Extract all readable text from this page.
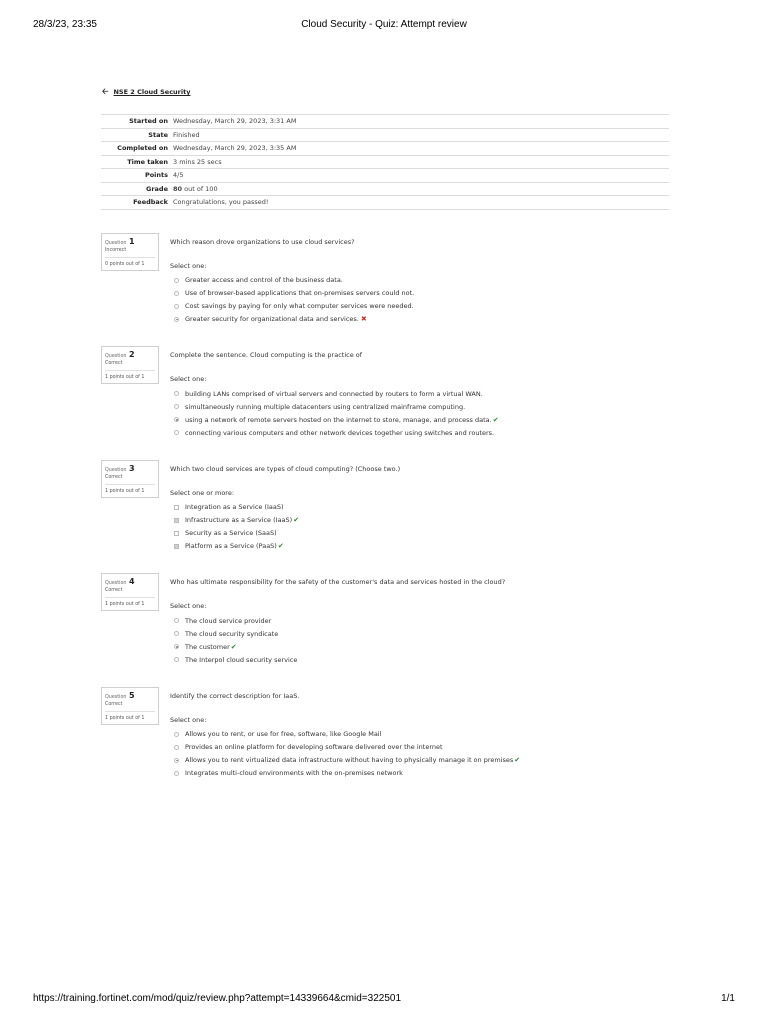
28/3/23, 23:35	Cloud Security - Quiz: Attempt review
🡠 NSE 2 Cloud Security
Started on	Wednesday, March 29, 2023, 3:31 AM
State	Finished
Completed on	Wednesday, March 29, 2023, 3:35 AM
Time taken	3 mins 25 secs
Points	4/5
Grade	80 out of 100
Feedback	Congratulations, you passed!
Question 1
Incorrect
0 points out of 1
Which reason drove organizations to use cloud services?
Select one:
Greater access and control of the business data.
Use of browser-based applications that on-premises servers could not.
Cost savings by paying for only what computer services were needed.
Greater security for organizational data and services. ✖
Question 2
Correct
1 points out of 1
Complete the sentence. Cloud computing is the practice of
Select one:
building LANs comprised of virtual servers and connected by routers to form a virtual WAN.
simultaneously running multiple datacenters using centralized mainframe computing.
using a network of remote servers hosted on the internet to store, manage, and process data. ✔
connecting various computers and other network devices together using switches and routers.
Question 3
Correct
1 points out of 1
Which two cloud services are types of cloud computing? (Choose two.)
Select one or more:
Integration as a Service (IaaS)
Infrastructure as a Service (IaaS) ✔
Security as a Service (SaaS)
Platform as a Service (PaaS) ✔
Question 4
Correct
1 points out of 1
Who has ultimate responsibility for the safety of the customer's data and services hosted in the cloud?
Select one:
The cloud service provider
The cloud security syndicate
The customer ✔
The Interpol cloud security service
Question 5
Correct
1 points out of 1
Identify the correct description for IaaS.
Select one:
Allows you to rent, or use for free, software, like Google Mail
Provides an online platform for developing software delivered over the internet
Allows you to rent virtualized data infrastructure without having to physically manage it on premises ✔
Integrates multi-cloud environments with the on-premises network
https://training.fortinet.com/mod/quiz/review.php?attempt=14339664&cmid=322501	1/1
